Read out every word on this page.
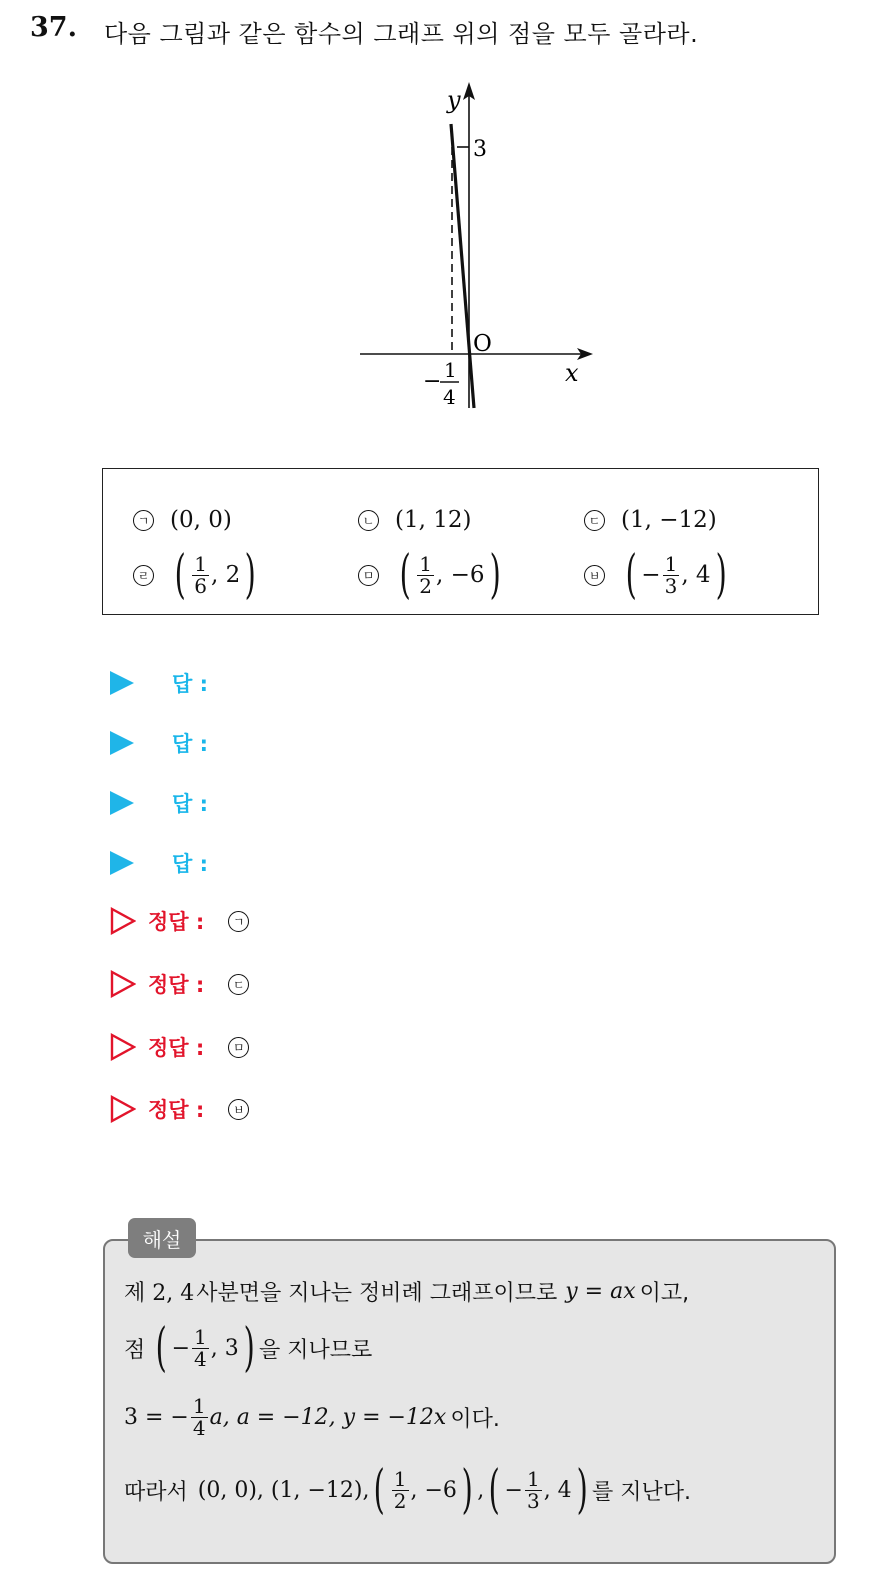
37. 다음 그림과 같은 함수의 그래프 위의 점을 모두 골라라.
y
3
O
x
− 1
4
ㄱ (0, 0)	ㄴ (1, 12)	ㄷ (1, −12)
ㄹ ( $\frac{1}{6}$ , 2 )	ㅁ ( $\frac{1}{2}$ , −6 )	ㅂ ( − $\frac{1}{3}$ , 4 )
답 :
답 :
답 :
답 :
정답 :	ㄱ
정답 :	ㄷ
정답 :	ㅁ
정답 :	ㅂ
해설
제 2, 4 사분면을 지나는 정비례 그래프이므로 y = ax 이고,
점 ( − $\frac{1}{4}$ , 3 ) 을 지나므로
3 = − $\frac{1}{4} a$, a = −12, y = −12x 이다.
따라서 (0, 0), (1, −12), ( $\frac{1}{2}$ , −6 ) , ( − $\frac{1}{3}$ , 4 ) 를 지난다.
